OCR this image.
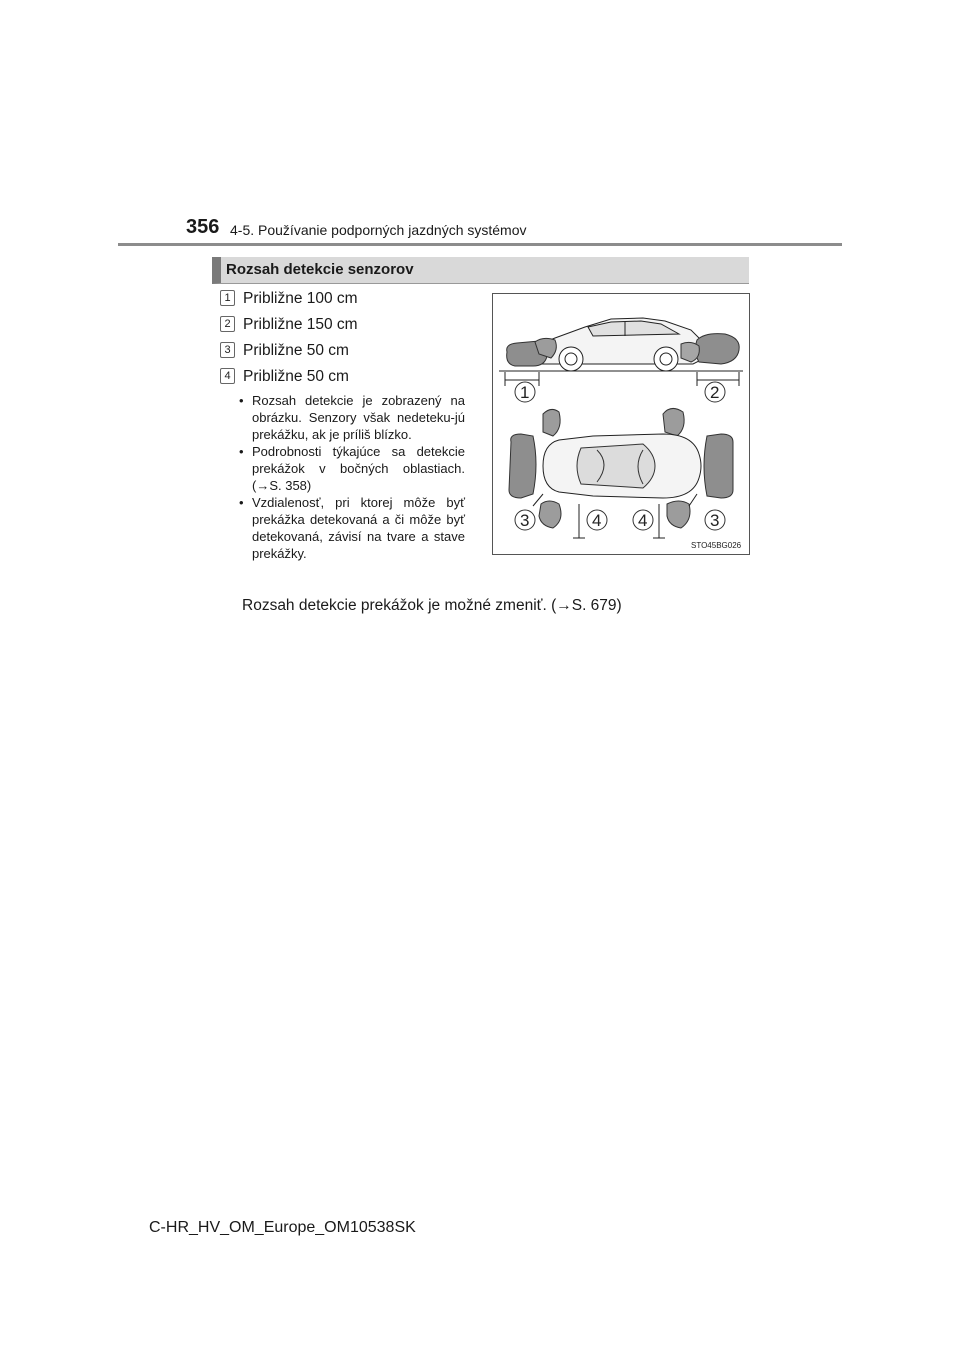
356 4-5. Používanie podporných jazdných systémov
Rozsah detekcie senzorov
1 Približne 100 cm
2 Približne 150 cm
3 Približne 50 cm
4 Približne 50 cm
• Rozsah detekcie je zobrazený na obrázku. Senzory však nedeteku-jú prekážku, ak je príliš blízko.
• Podrobnosti týkajúce sa detekcie prekážok v bočných oblastiach. (→S. 358)
• Vzdialenosť, pri ktorej môže byť prekážka detekovaná a či môže byť detekovaná, závisí na tvare a stave prekážky.
Rozsah detekcie prekážok je možné zmeniť. (→S. 679)
1	2
3	4 4	3
STO45BG026
C-HR_HV_OM_Europe_OM10538SK
